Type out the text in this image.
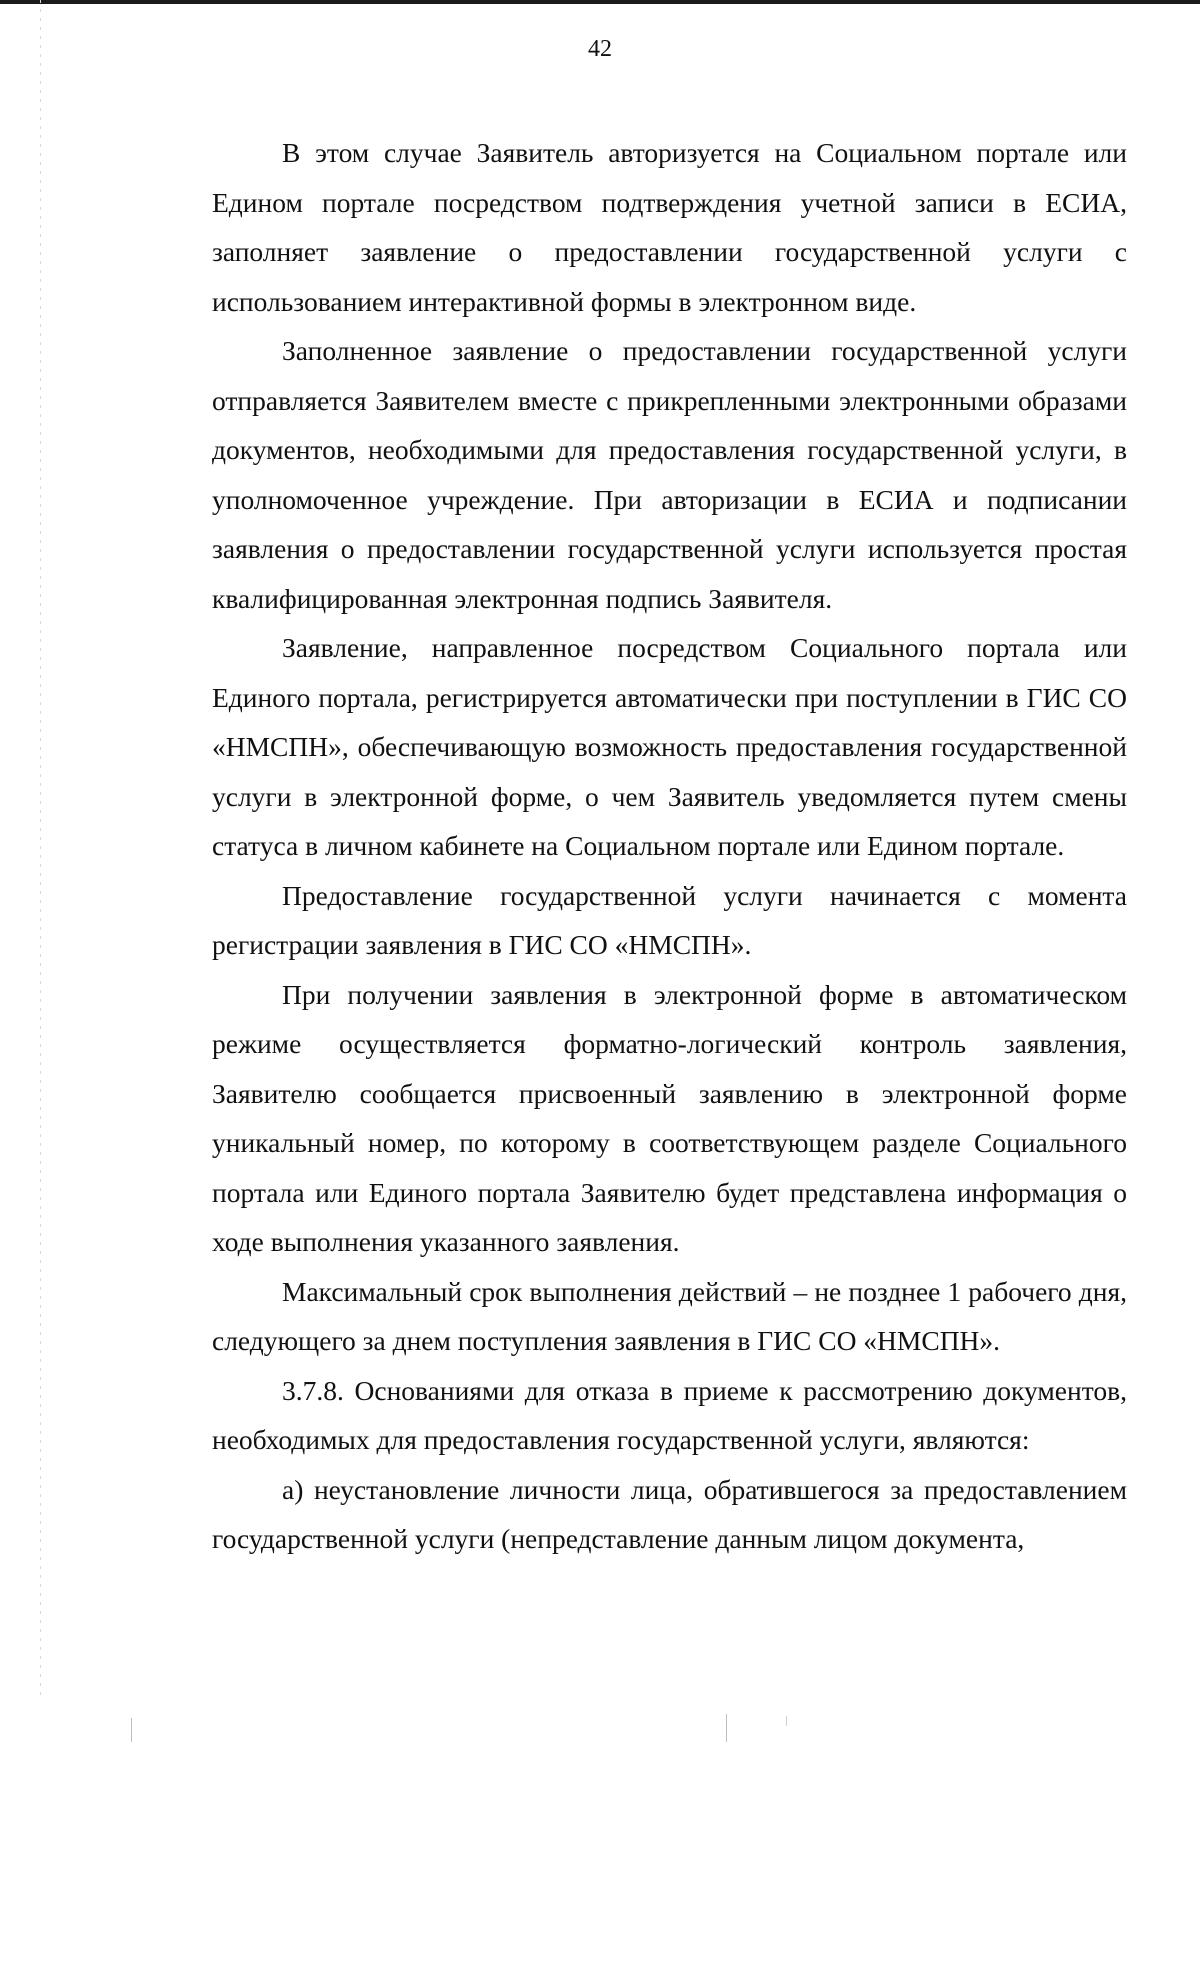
42

В этом случае Заявитель авторизуется на Социальном портале или Едином портале посредством подтверждения учетной записи в ЕСИА, заполняет заявление о предоставлении государственной услуги с использованием интерактивной формы в электронном виде.

Заполненное заявление о предоставлении государственной услуги отправляется Заявителем вместе с прикрепленными электронными образами документов, необходимыми для предоставления государственной услуги, в уполномоченное учреждение. При авторизации в ЕСИА и подписании заявления о предоставлении государственной услуги используется простая квалифицированная электронная подпись Заявителя.

Заявление, направленное посредством Социального портала или Единого портала, регистрируется автоматически при поступлении в ГИС СО «НМСПН», обеспечивающую возможность предоставления государственной услуги в электронной форме, о чем Заявитель уведомляется путем смены статуса в личном кабинете на Социальном портале или Едином портале.

Предоставление государственной услуги начинается с момента регистрации заявления в ГИС СО «НМСПН».

При получении заявления в электронной форме в автоматическом режиме осуществляется форматно-логический контроль заявления, Заявителю сообщается присвоенный заявлению в электронной форме уникальный номер, по которому в соответствующем разделе Социального портала или Единого портала Заявителю будет представлена информация о ходе выполнения указанного заявления.

Максимальный срок выполнения действий – не позднее 1 рабочего дня, следующего за днем поступления заявления в ГИС СО «НМСПН».

3.7.8. Основаниями для отказа в приеме к рассмотрению документов, необходимых для предоставления государственной услуги, являются:

а) неустановление личности лица, обратившегося за предоставлением государственной услуги (непредставление данным лицом документа,
